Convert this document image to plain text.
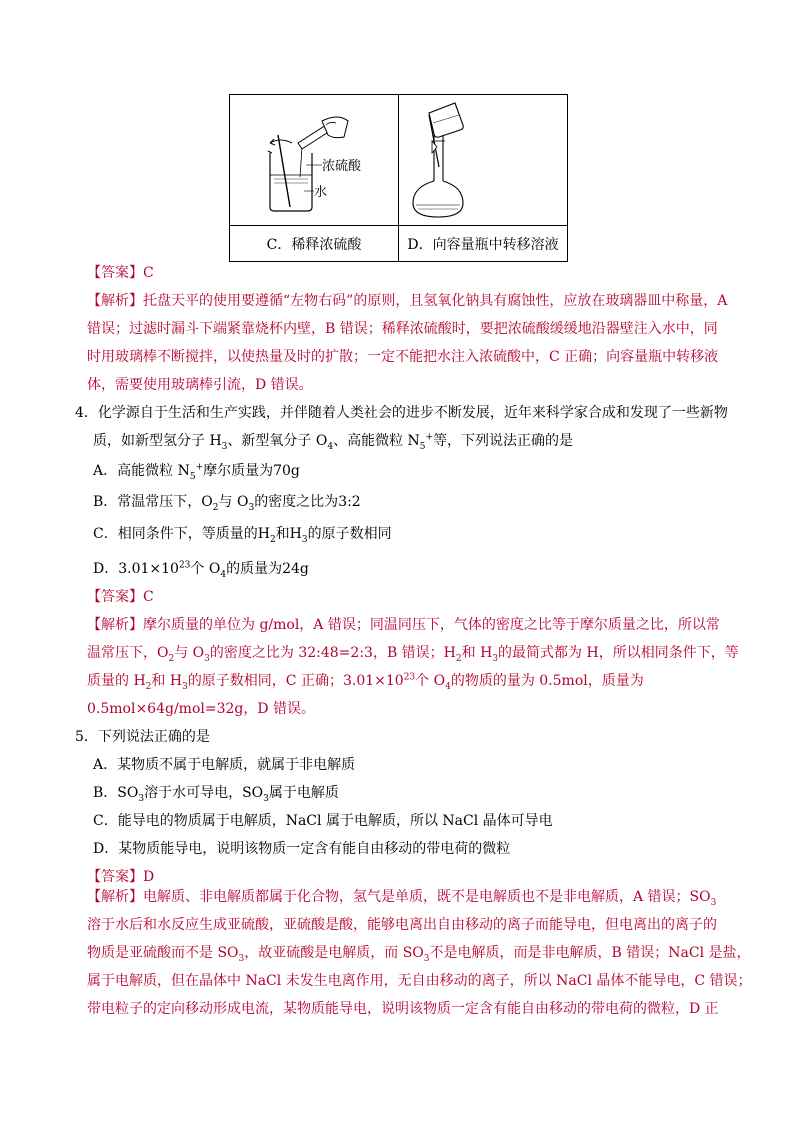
浓硫酸
水

C．稀释浓硫酸	D．向容量瓶中转移溶液
【答案】C
【解析】托盘天平的使用要遵循“左物右码”的原则，且氢氧化钠具有腐蚀性，应放在玻璃器皿中称量，A
错误；过滤时漏斗下端紧靠烧杯内壁，B 错误；稀释浓硫酸时，要把浓硫酸缓缓地沿器壁注入水中，同
时用玻璃棒不断搅拌，以使热量及时的扩散；一定不能把水注入浓硫酸中，C 正确；向容量瓶中转移液
体，需要使用玻璃棒引流，D 错误。
4．化学源自于生活和生产实践，并伴随着人类社会的进步不断发展，近年来科学家合成和发现了一些新物
质，如新型氢分子 $H_3$、新型氧分子 $O_4$、高能微粒 $N_5^+$等，下列说法正确的是
A．高能微粒 $N_5^+$摩尔质量为70g
B．常温常压下，$O_2$与 $O_3$的密度之比为3:2
C．相同条件下，等质量的$H_2$和$H_3$的原子数相同
D．$3.01\times 10^{23}$个 $O_4$的质量为24g
【答案】C
【解析】摩尔质量的单位为 g/mol，A 错误；同温同压下，气体的密度之比等于摩尔质量之比，所以常
温常压下，$O_2$与 $O_3$的密度之比为 32:48=2:3，B 错误；$H_2$和 $H_3$的最简式都为 H，所以相同条件下，等
质量的 $H_2$和 $H_3$的原子数相同，C 正确；$3.01\times 10^{23}$个 $O_4$的物质的量为 0.5mol，质量为
0.5mol×64g/mol=32g，D 错误。
5．下列说法正确的是
A．某物质不属于电解质，就属于非电解质
B．$SO_3$溶于水可导电，$SO_3$属于电解质
C．能导电的物质属于电解质，NaCl 属于电解质，所以 NaCl 晶体可导电
D．某物质能导电，说明该物质一定含有能自由移动的带电荷的微粒
【答案】D
【解析】电解质、非电解质都属于化合物，氢气是单质，既不是电解质也不是非电解质，A 错误；$SO_3$
溶于水后和水反应生成亚硫酸，亚硫酸是酸，能够电离出自由移动的离子而能导电，但电离出的离子的
物质是亚硫酸而不是 $SO_3$，故亚硫酸是电解质，而 $SO_3$不是电解质，而是非电解质，B 错误；NaCl 是盐，
属于电解质，但在晶体中 NaCl 未发生电离作用，无自由移动的离子，所以 NaCl 晶体不能导电，C 错误；
带电粒子的定向移动形成电流，某物质能导电，说明该物质一定含有能自由移动的带电荷的微粒，D 正
